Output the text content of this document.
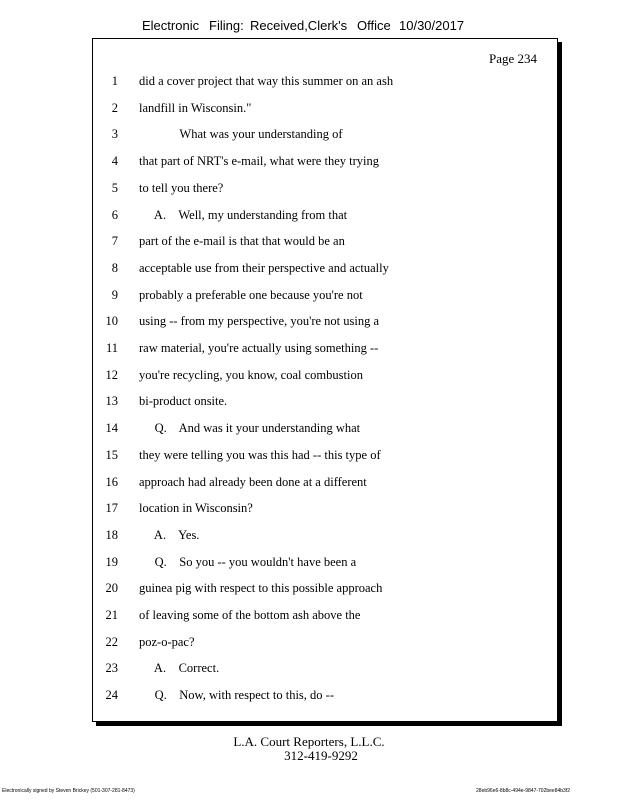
Electronic Filing: Received,Clerk's Office 10/30/2017
Page 234
1 did a cover project that way this summer on an ash
2 landfill in Wisconsin."
3 What was your understanding of
4 that part of NRT's e-mail, what were they trying
5 to tell you there?
6 A.    Well, my understanding from that
7 part of the e-mail is that that would be an
8 acceptable use from their perspective and actually
9 probably a preferable one because you're not
10 using -- from my perspective, you're not using a
11 raw material, you're actually using something --
12 you're recycling, you know, coal combustion
13 bi-product onsite.
14 Q.    And was it your understanding what
15 they were telling you was this had -- this type of
16 approach had already been done at a different
17 location in Wisconsin?
18 A.    Yes.
19 Q.    So you -- you wouldn't have been a
20 guinea pig with respect to this possible approach
21 of leaving some of the bottom ash above the
22 poz-o-pac?
23 A.    Correct.
24 Q.    Now, with respect to this, do --
L.A. Court Reporters, L.L.C.
312-419-9292
Electronically signed by Steven Brickey (501-307-281-8473)	28eb96e6-8b8c-494e-9847-702bee84b3f2
